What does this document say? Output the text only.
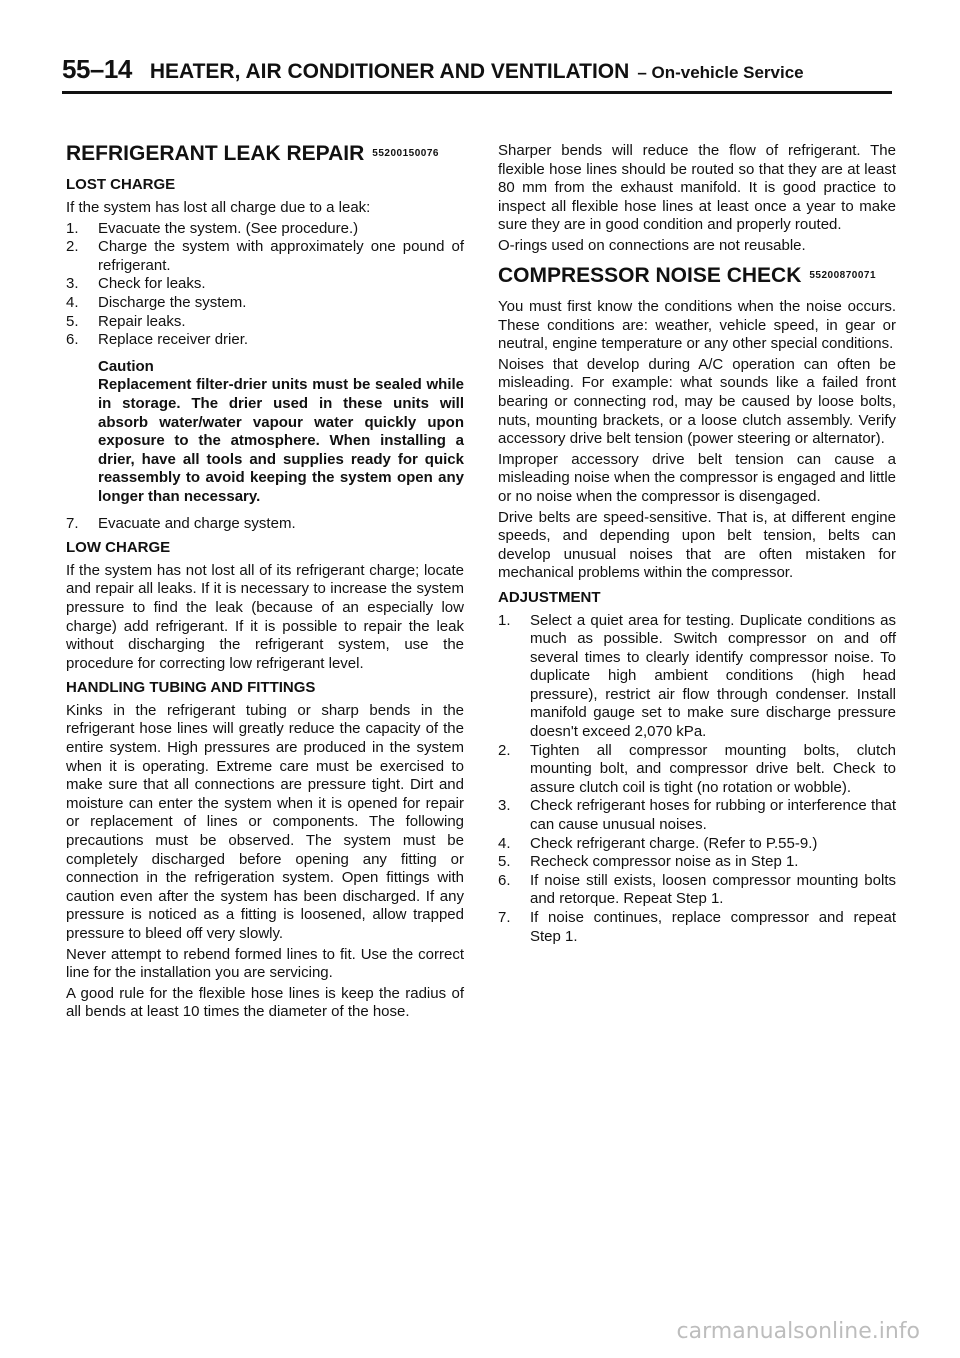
55–14 HEATER, AIR CONDITIONER AND VENTILATION – On-vehicle Service
REFRIGERANT LEAK REPAIR 55200150076
LOST CHARGE

If the system has lost all charge due to a leak:

1. Evacuate the system. (See procedure.)
2. Charge the system with approximately one pound of refrigerant.
3. Check for leaks.
4. Discharge the system.
5. Repair leaks.
6. Replace receiver drier.
Caution
Replacement filter-drier units must be sealed while in storage. The drier used in these units will absorb water/water vapour water quickly upon exposure to the atmosphere. When installing a drier, have all tools and supplies ready for quick reassembly to avoid keeping the system open any longer than necessary.
7. Evacuate and charge system.
LOW CHARGE

If the system has not lost all of its refrigerant charge; locate and repair all leaks. If it is necessary to increase the system pressure to find the leak (because of an especially low charge) add refrigerant. If it is possible to repair the leak without discharging the refrigerant system, use the procedure for correcting low refrigerant level.

HANDLING TUBING AND FITTINGS

Kinks in the refrigerant tubing or sharp bends in the refrigerant hose lines will greatly reduce the capacity of the entire system. High pressures are produced in the system when it is operating. Extreme care must be exercised to make sure that all connections are pressure tight. Dirt and moisture can enter the system when it is opened for repair or replacement of lines or components. The following precautions must be observed. The system must be completely discharged before opening any fitting or connection in the refrigeration system. Open fittings with caution even after the system has been discharged. If any pressure is noticed as a fitting is loosened, allow trapped pressure to bleed off very slowly.

Never attempt to rebend formed lines to fit. Use the correct line for the installation you are servicing.

A good rule for the flexible hose lines is keep the radius of all bends at least 10 times the diameter of the hose.

Sharper bends will reduce the flow of refrigerant. The flexible hose lines should be routed so that they are at least 80 mm from the exhaust manifold. It is good practice to inspect all flexible hose lines at least once a year to make sure they are in good condition and properly routed.

O-rings used on connections are not reusable.

COMPRESSOR NOISE CHECK 55200870071

You must first know the conditions when the noise occurs. These conditions are: weather, vehicle speed, in gear or neutral, engine temperature or any other special conditions.

Noises that develop during A/C operation can often be misleading. For example: what sounds like a failed front bearing or connecting rod, may be caused by loose bolts, nuts, mounting brackets, or a loose clutch assembly. Verify accessory drive belt tension (power steering or alternator).

Improper accessory drive belt tension can cause a misleading noise when the compressor is engaged and little or no noise when the compressor is disengaged.

Drive belts are speed-sensitive. That is, at different engine speeds, and depending upon belt tension, belts can develop unusual noises that are often mistaken for mechanical problems within the compressor.

ADJUSTMENT
1. Select a quiet area for testing. Duplicate conditions as much as possible. Switch compressor on and off several times to clearly identify compressor noise. To duplicate high ambient conditions (high head pressure), restrict air flow through condenser. Install manifold gauge set to make sure discharge pressure doesn't exceed 2,070 kPa.
2. Tighten all compressor mounting bolts, clutch mounting bolt, and compressor drive belt. Check to assure clutch coil is tight (no rotation or wobble).
3. Check refrigerant hoses for rubbing or interference that can cause unusual noises.
4. Check refrigerant charge. (Refer to P.55-9.)
5. Recheck compressor noise as in Step 1.
6. If noise still exists, loosen compressor mounting bolts and retorque. Repeat Step 1.
7. If noise continues, replace compressor and repeat Step 1.
carmanualsonline.info
